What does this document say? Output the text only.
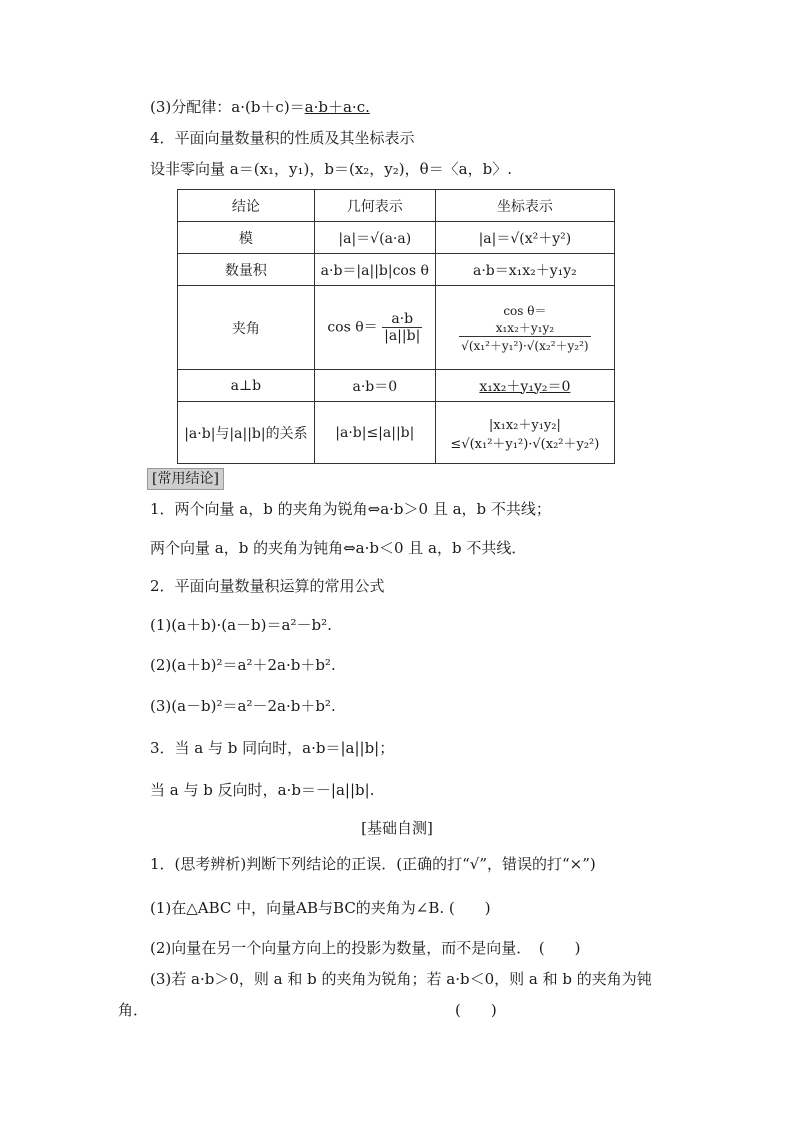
(3)分配律：a·(b＋c)＝a·b＋a·c.
4．平面向量数量积的性质及其坐标表示
设非零向量 a＝(x₁，y₁)，b＝(x₂，y₂)，θ＝〈a，b〉.
结论	几何表示	坐标表示
模	|a|＝√(a·a)	|a|＝√(x²＋y²)
数量积	a·b＝|a||b|cos θ	a·b＝x₁x₂＋y₁y₂
夹角	$\cos \theta= \frac{a\cdot b}{|a||b|}$	cos θ＝
$\frac{\text{x₁x₂＋y₁y₂}}{\text{√(x₁²＋y₁²)·√(x₂²＋y₂²)}}$

a⊥b	a·b＝0	x₁x₂＋y₁y₂＝0
|a·b|与|a||b|的关系	|a·b|≤|a||b|	|x₁x₂＋y₁y₂|
≤√(x₁²＋y₁²)·√(x₂²＋y₂²)
[常用结论]
1．两个向量 a，b 的夹角为锐角⇔a·b＞0 且 a，b 不共线；
两个向量 a，b 的夹角为钝角⇔a·b＜0 且 a，b 不共线．
2．平面向量数量积运算的常用公式
(1)(a＋b)·(a－b)＝a²－b².
(2)(a＋b)²＝a²＋2a·b＋b².
(3)(a－b)²＝a²－2a·b＋b².
3．当 a 与 b 同向时，a·b＝|a||b|；
当 a 与 b 反向时，a·b＝－|a||b|.
[基础自测]
1．(思考辨析)判断下列结论的正误．(正确的打“√”，错误的打“×”)
(1)在△ABC 中，向量AB与BC的夹角为∠B. (　　)
(2)向量在另一个向量方向上的投影为数量，而不是向量．　(　　)
(3)若 a·b＞0，则 a 和 b 的夹角为锐角；若 a·b＜0，则 a 和 b 的夹角为钝
角．	(　　)
